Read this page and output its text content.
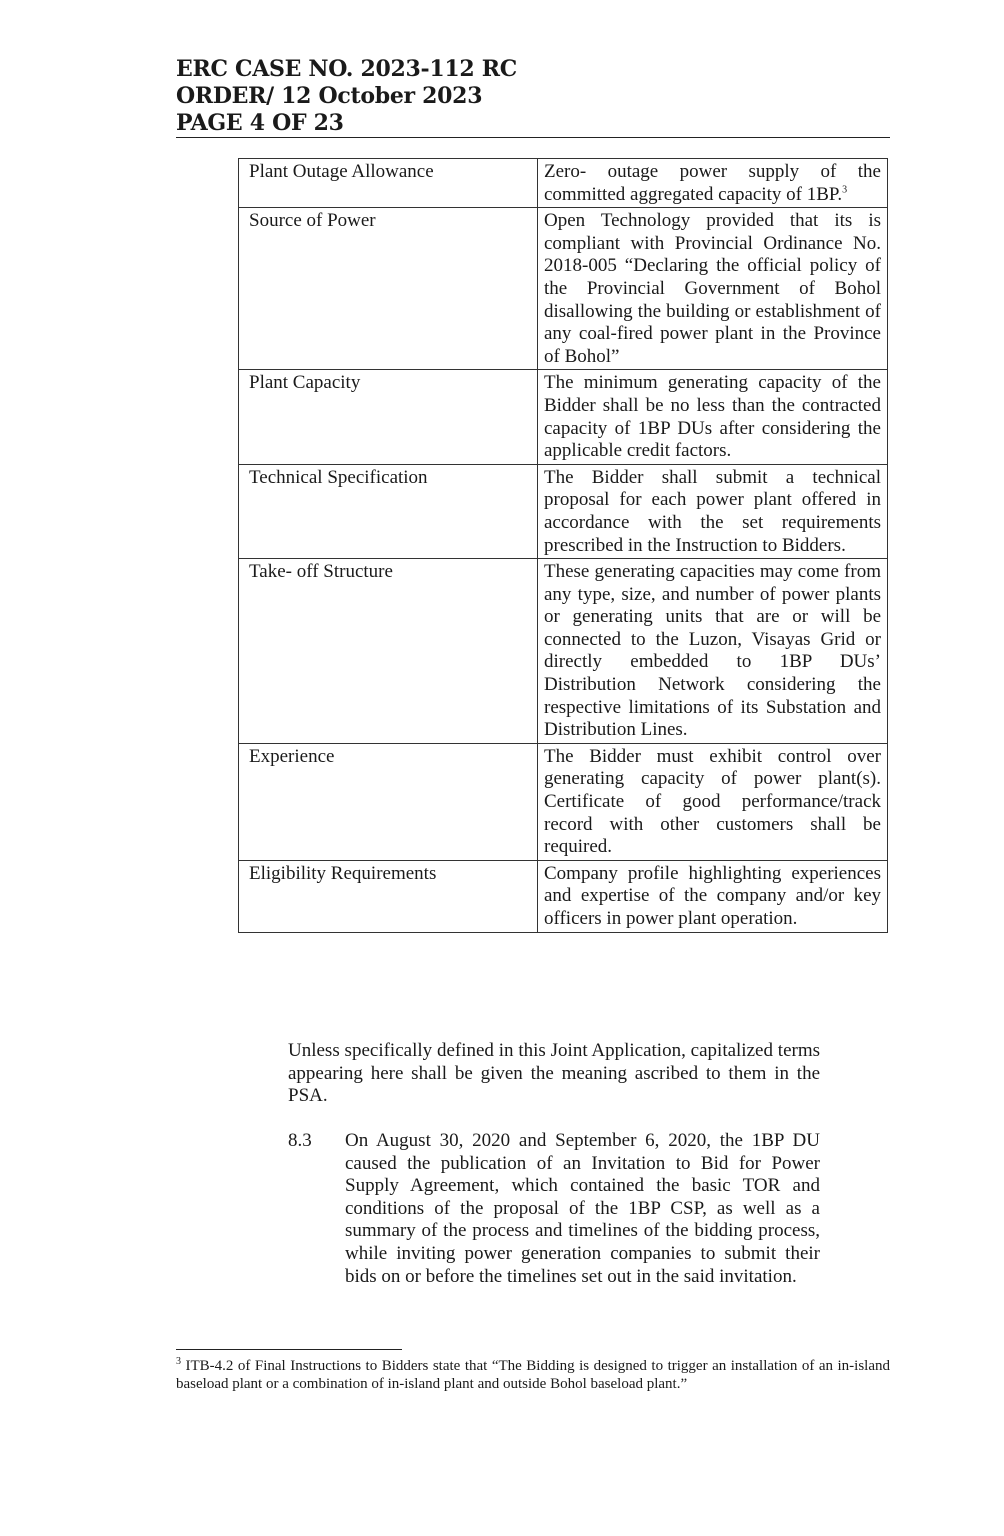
ERC CASE NO. 2023-112 RC
ORDER/ 12 October 2023
PAGE 4 OF 23
Plant Outage Allowance	Zero- outage power supply of the committed aggregated capacity of 1BP.$^3$
Source of Power	Open Technology provided that its is compliant with Provincial Ordinance No. 2018-005 “Declaring the official policy of the Provincial Government of Bohol disallowing the building or establishment of any coal-fired power plant in the Province of Bohol”
Plant Capacity	The minimum generating capacity of the Bidder shall be no less than the contracted capacity of 1BP DUs after considering the applicable credit factors.
Technical Specification	The Bidder shall submit a technical proposal for each power plant offered in accordance with the set requirements prescribed in the Instruction to Bidders.
Take- off Structure	These generating capacities may come from any type, size, and number of power plants or generating units that are or will be connected to the Luzon, Visayas Grid or directly embedded to 1BP DUs’ Distribution Network considering the respective limitations of its Substation and Distribution Lines.
Experience	The Bidder must exhibit control over generating capacity of power plant(s). Certificate of good performance/track record with other customers shall be required.
Eligibility Requirements	Company profile highlighting experiences and expertise of the company and/or key officers in power plant operation.
Unless specifically defined in this Joint Application, capitalized terms appearing here shall be given the meaning ascribed to them in the PSA.
8.3 On August 30, 2020 and September 6, 2020, the 1BP DU caused the publication of an Invitation to Bid for Power Supply Agreement, which contained the basic TOR and conditions of the proposal of the 1BP CSP, as well as a summary of the process and timelines of the bidding process, while inviting power generation companies to submit their bids on or before the timelines set out in the said invitation.
$^3$ ITB-4.2 of Final Instructions to Bidders state that “The Bidding is designed to trigger an installation of an in-island baseload plant or a combination of in-island plant and outside Bohol baseload plant.”
